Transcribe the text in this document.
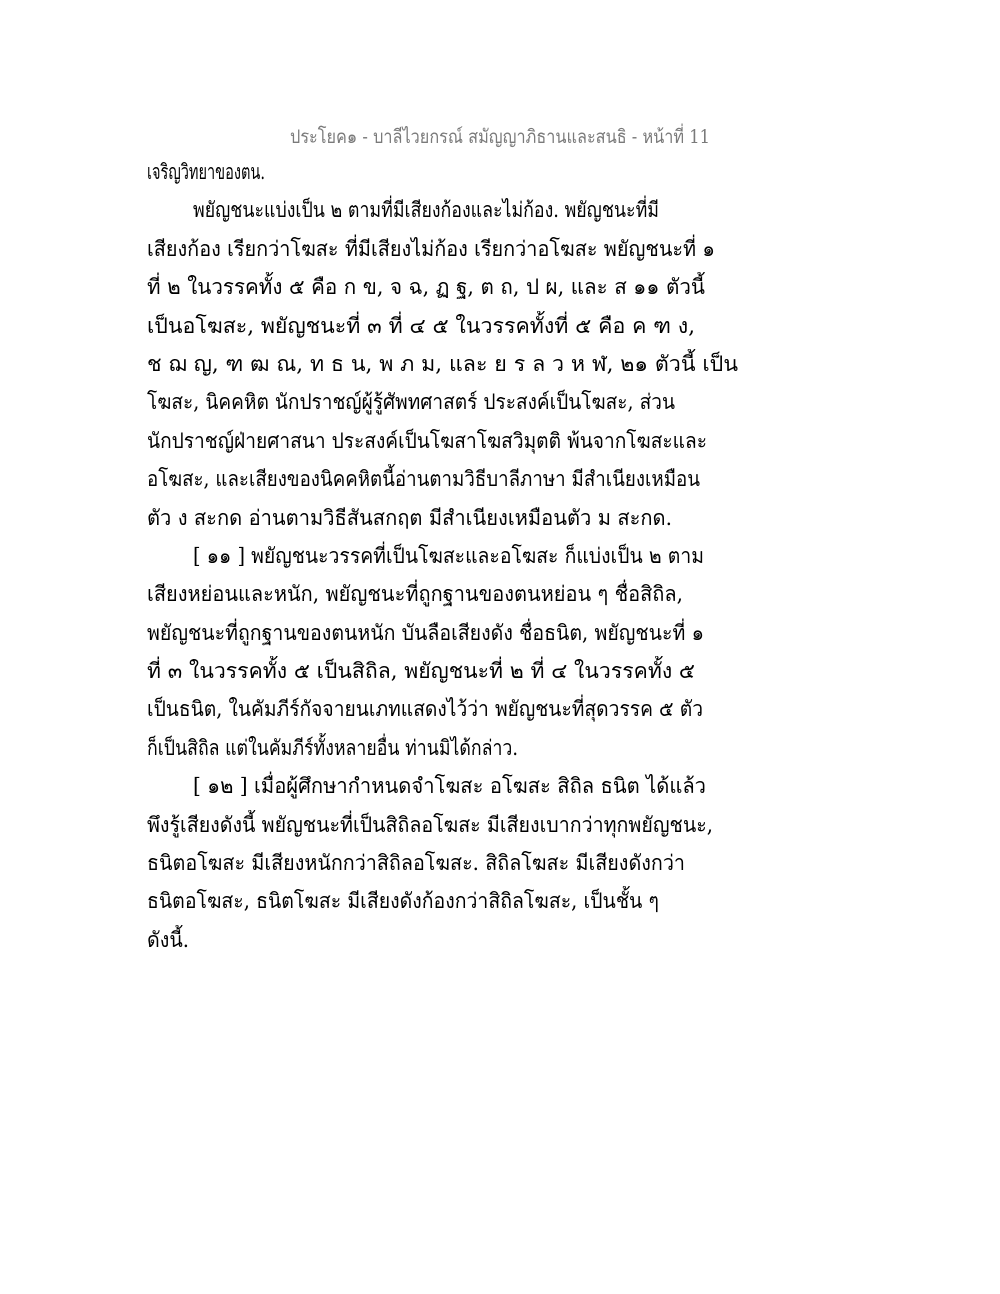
ประโยค๑ - บาลีไวยกรณ์ สมัญญาภิธานและสนธิ - หน้าที่ 11
เจริญวิทยาของตน.
พยัญชนะแบ่งเป็น ๒ ตามที่มีเสียงก้องและไม่ก้อง. พยัญชนะที่มี
เสียงก้อง เรียกว่าโฆสะ ที่มีเสียงไม่ก้อง เรียกว่าอโฆสะ พยัญชนะที่ ๑
ที่ ๒ ในวรรคทั้ง ๕ คือ ก ข, จ ฉ, ฏ ฐ, ต ถ, ป ผ, และ ส ๑๑ ตัวนี้
เป็นอโฆสะ, พยัญชนะที่ ๓ ที่ ๔ ๕ ในวรรคทั้งที่ ๕ คือ ค ฑ ง,
ช ฌ ญ, ฑ ฒ ณ, ท ธ น, พ ภ ม, และ ย ร ล ว ห ฬ, ๒๑ ตัวนี้ เป็น
โฆสะ, นิคคหิต นักปราชญ์ผู้รู้ศัพทศาสตร์ ประสงค์เป็นโฆสะ, ส่วน
นักปราชญ์ฝ่ายศาสนา ประสงค์เป็นโฆสาโฆสวิมุตติ พ้นจากโฆสะและ
อโฆสะ, และเสียงของนิคคหิตนี้อ่านตามวิธีบาลีภาษา มีสำเนียงเหมือน
ตัว ง สะกด อ่านตามวิธีสันสกฤต มีสำเนียงเหมือนตัว ม สะกด.
[ ๑๑ ] พยัญชนะวรรคที่เป็นโฆสะและอโฆสะ ก็แบ่งเป็น ๒ ตาม
เสียงหย่อนและหนัก, พยัญชนะที่ถูกฐานของตนหย่อน ๆ ชื่อสิถิล,
พยัญชนะที่ถูกฐานของตนหนัก บันลือเสียงดัง ชื่อธนิต, พยัญชนะที่ ๑
ที่ ๓ ในวรรคทั้ง ๕ เป็นสิถิล, พยัญชนะที่ ๒ ที่ ๔ ในวรรคทั้ง ๕
เป็นธนิต, ในคัมภีร์กัจจายนเภทแสดงไว้ว่า พยัญชนะที่สุดวรรค ๕ ตัว
ก็เป็นสิถิล แต่ในคัมภีร์ทั้งหลายอื่น ท่านมิได้กล่าว.
[ ๑๒ ] เมื่อผู้ศึกษากำหนดจำโฆสะ อโฆสะ สิถิล ธนิต ได้แล้ว
พึงรู้เสียงดังนี้ พยัญชนะที่เป็นสิถิลอโฆสะ มีเสียงเบากว่าทุกพยัญชนะ,
ธนิตอโฆสะ มีเสียงหนักกว่าสิถิลอโฆสะ. สิถิลโฆสะ มีเสียงดังกว่า
ธนิตอโฆสะ, ธนิตโฆสะ มีเสียงดังก้องกว่าสิถิลโฆสะ, เป็นชั้น ๆ
ดังนี้.
